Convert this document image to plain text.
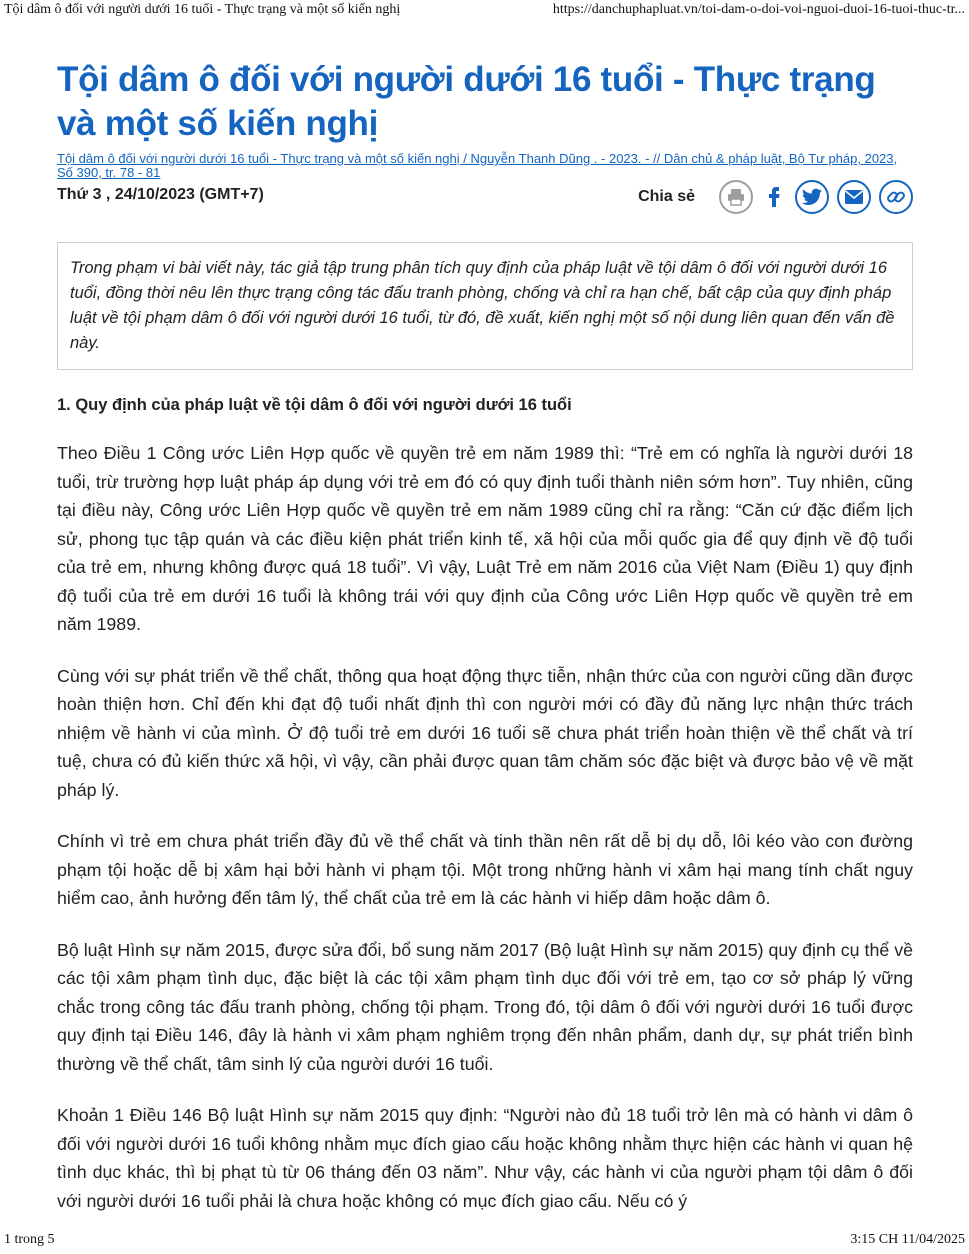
Tội dâm ô đối với người dưới 16 tuổi - Thực trạng và một số kiến nghị	https://danchuphapluat.vn/toi-dam-o-doi-voi-nguoi-duoi-16-tuoi-thuc-tr...
Tội dâm ô đối với người dưới 16 tuổi - Thực trạng và một số kiến nghị
Tội dâm ô đối với người dưới 16 tuổi - Thực trạng và một số kiến nghị / Nguyễn Thanh Dũng . - 2023. - // Dân chủ & pháp luật, Bộ Tư pháp, 2023, Số 390, tr. 78 - 81
Thứ 3 , 24/10/2023 (GMT+7)	Chia sẻ
Trong phạm vi bài viết này, tác giả tập trung phân tích quy định của pháp luật về tội dâm ô đối với người dưới 16 tuổi, đồng thời nêu lên thực trạng công tác đấu tranh phòng, chống và chỉ ra hạn chế, bất cập của quy định pháp luật về tội phạm dâm ô đối với người dưới 16 tuổi, từ đó, đề xuất, kiến nghị một số nội dung liên quan đến vấn đề này.
1. Quy định của pháp luật về tội dâm ô đối với người dưới 16 tuổi

Theo Điều 1 Công ước Liên Hợp quốc về quyền trẻ em năm 1989 thì: “Trẻ em có nghĩa là người dưới 18 tuổi, trừ trường hợp luật pháp áp dụng với trẻ em đó có quy định tuổi thành niên sớm hơn”. Tuy nhiên, cũng tại điều này, Công ước Liên Hợp quốc về quyền trẻ em năm 1989 cũng chỉ ra rằng: “Căn cứ đặc điểm lịch sử, phong tục tập quán và các điều kiện phát triển kinh tế, xã hội của mỗi quốc gia để quy định về độ tuổi của trẻ em, nhưng không được quá 18 tuổi”. Vì vậy, Luật Trẻ em năm 2016 của Việt Nam (Điều 1) quy định độ tuổi của trẻ em dưới 16 tuổi là không trái với quy định của Công ước Liên Hợp quốc về quyền trẻ em năm 1989.

Cùng với sự phát triển về thể chất, thông qua hoạt động thực tiễn, nhận thức của con người cũng dần được hoàn thiện hơn. Chỉ đến khi đạt độ tuổi nhất định thì con người mới có đầy đủ năng lực nhận thức trách nhiệm về hành vi của mình. Ở độ tuổi trẻ em dưới 16 tuổi sẽ chưa phát triển hoàn thiện về thể chất và trí tuệ, chưa có đủ kiến thức xã hội, vì vậy, cần phải được quan tâm chăm sóc đặc biệt và được bảo vệ về mặt pháp lý.

Chính vì trẻ em chưa phát triển đầy đủ về thể chất và tinh thần nên rất dễ bị dụ dỗ, lôi kéo vào con đường phạm tội hoặc dễ bị xâm hại bởi hành vi phạm tội. Một trong những hành vi xâm hại mang tính chất nguy hiểm cao, ảnh hưởng đến tâm lý, thể chất của trẻ em là các hành vi hiếp dâm hoặc dâm ô.

Bộ luật Hình sự năm 2015, được sửa đổi, bổ sung năm 2017 (Bộ luật Hình sự năm 2015) quy định cụ thể về các tội xâm phạm tình dục, đặc biệt là các tội xâm phạm tình dục đối với trẻ em, tạo cơ sở pháp lý vững chắc trong công tác đấu tranh phòng, chống tội phạm. Trong đó, tội dâm ô đối với người dưới 16 tuổi được quy định tại Điều 146, đây là hành vi xâm phạm nghiêm trọng đến nhân phẩm, danh dự, sự phát triển bình thường về thể chất, tâm sinh lý của người dưới 16 tuổi.

Khoản 1 Điều 146 Bộ luật Hình sự năm 2015 quy định: “Người nào đủ 18 tuổi trở lên mà có hành vi dâm ô đối với người dưới 16 tuổi không nhằm mục đích giao cấu hoặc không nhằm thực hiện các hành vi quan hệ tình dục khác, thì bị phạt tù từ 06 tháng đến 03 năm”. Như vậy, các hành vi của người phạm tội dâm ô đối với người dưới 16 tuổi phải là chưa hoặc không có mục đích giao cấu. Nếu có ý

1 trong 5	3:15 CH 11/04/2025
